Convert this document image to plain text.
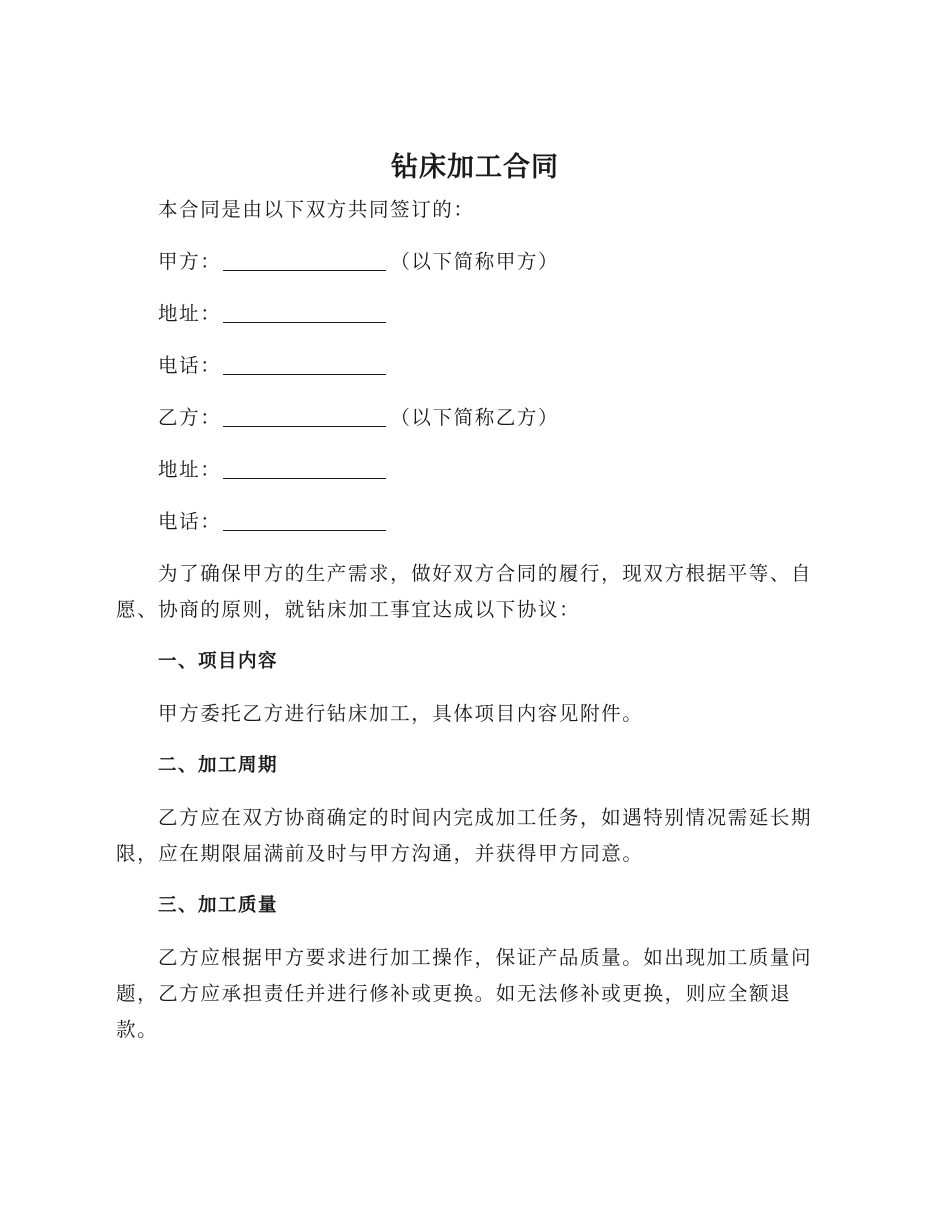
钻床加工合同

本合同是由以下双方共同签订的：

甲方：	（以下简称甲方）

地址：

电话：

乙方：	（以下简称乙方）

地址：

电话：

为了确保甲方的生产需求，做好双方合同的履行，现双方根据平等、自愿、协商的原则，就钻床加工事宜达成以下协议：

一、项目内容

甲方委托乙方进行钻床加工，具体项目内容见附件。

二、加工周期

乙方应在双方协商确定的时间内完成加工任务，如遇特别情况需延长期限，应在期限届满前及时与甲方沟通，并获得甲方同意。

三、加工质量

乙方应根据甲方要求进行加工操作，保证产品质量。如出现加工质量问题，乙方应承担责任并进行修补或更换。如无法修补或更换，则应全额退款。
